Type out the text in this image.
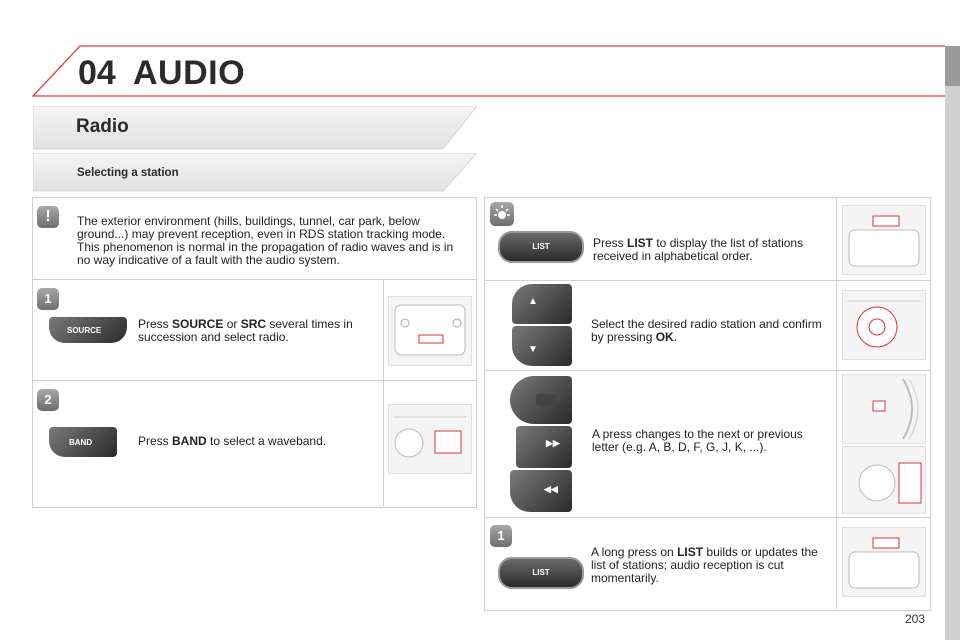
04 AUDIO
Radio
Selecting a station
!	The exterior environment (hills, buildings, tunnel, car park, below ground...) may prevent reception, even in RDS station tracking mode. This phenomenon is normal in the propagation of radio waves and is in no way indicative of a fault with the audio system.
1
SOURCE	Press SOURCE or SRC several times in succession and select radio.
2
BAND	Press BAND to select a waveband.
LIST	Press LIST to display the list of stations received in alphabetical order.
▲
▼
Select the desired radio station and confirm by pressing OK.
▶▶
◀◀
A press changes to the next or previous letter (e.g. A, B, D, F, G, J, K, ...).
1
LIST
A long press on LIST builds or updates the list of stations; audio reception is cut momentarily.
203
